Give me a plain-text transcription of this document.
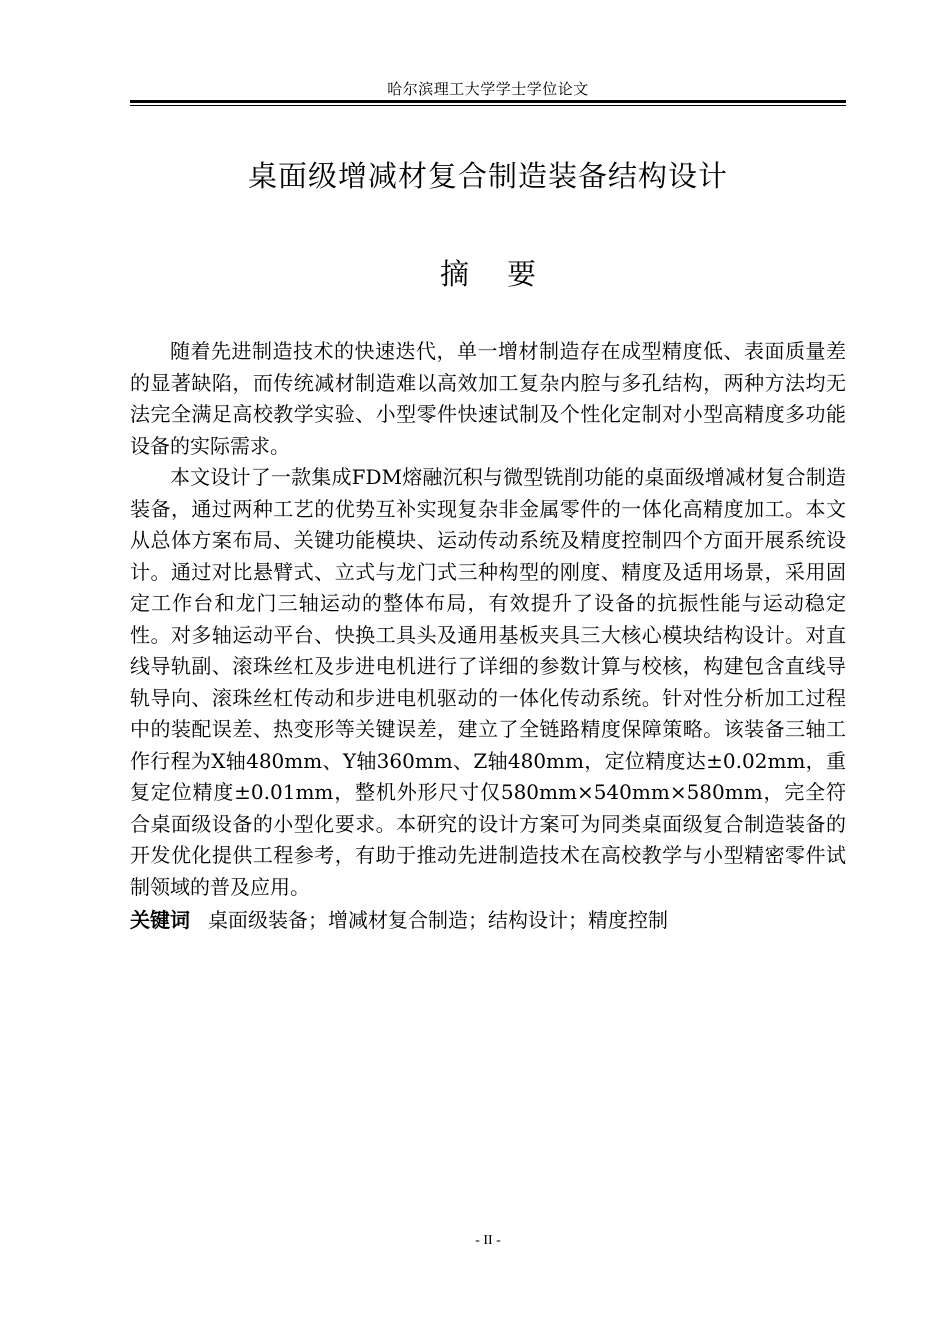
哈尔滨理工大学学士学位论文
桌面级增减材复合制造装备结构设计
摘要

随着先进制造技术的快速迭代，单一增材制造存在成型精度低、表面质量差的显著缺陷，而传统减材制造难以高效加工复杂内腔与多孔结构，两种方法均无法完全满足高校教学实验、小型零件快速试制及个性化定制对小型高精度多功能设备的实际需求。

本文设计了一款集成FDM熔融沉积与微型铣削功能的桌面级增减材复合制造装备，通过两种工艺的优势互补实现复杂非金属零件的一体化高精度加工。本文从总体方案布局、关键功能模块、运动传动系统及精度控制四个方面开展系统设计。通过对比悬臂式、立式与龙门式三种构型的刚度、精度及适用场景，采用固定工作台和龙门三轴运动的整体布局，有效提升了设备的抗振性能与运动稳定性。对多轴运动平台、快换工具头及通用基板夹具三大核心模块结构设计。对直线导轨副、滚珠丝杠及步进电机进行了详细的参数计算与校核，构建包含直线导轨导向、滚珠丝杠传动和步进电机驱动的一体化传动系统。针对性分析加工过程中的装配误差、热变形等关键误差，建立了全链路精度保障策略。该装备三轴工作行程为X轴480mm、Y轴360mm、Z轴480mm，定位精度达±0.02mm，重复定位精度±0.01mm，整机外形尺寸仅580mm×540mm×580mm，完全符合桌面级设备的小型化要求。本研究的设计方案可为同类桌面级复合制造装备的开发优化提供工程参考，有助于推动先进制造技术在高校教学与小型精密零件试制领域的普及应用。

关键词 桌面级装备；增减材复合制造；结构设计；精度控制
- II -
